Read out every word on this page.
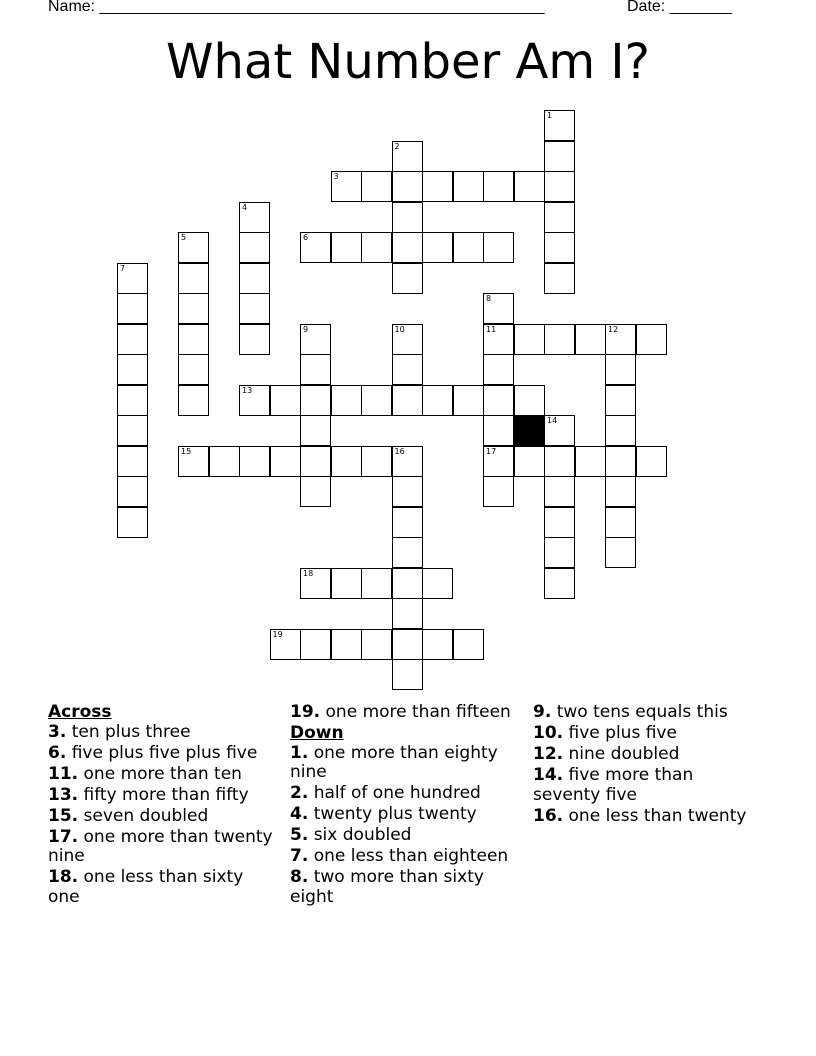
Name: __________________________________________________	Date: _______
What Number Am I?
1
2
3
4
5	6
7
8
11
17
9	10	12
13
14
15	16
18
19
Across
3. ten plus three
6. five plus five plus five
11. one more than ten
13. fifty more than fifty
15. seven doubled
17. one more than twenty nine
18. one less than sixty one
19. one more than fifteen
Down
1. one more than eighty nine
2. half of one hundred
4. twenty plus twenty
5. six doubled
7. one less than eighteen
8. two more than sixty eight
9. two tens equals this
10. five plus five
12. nine doubled
14. five more than seventy five
16. one less than twenty
